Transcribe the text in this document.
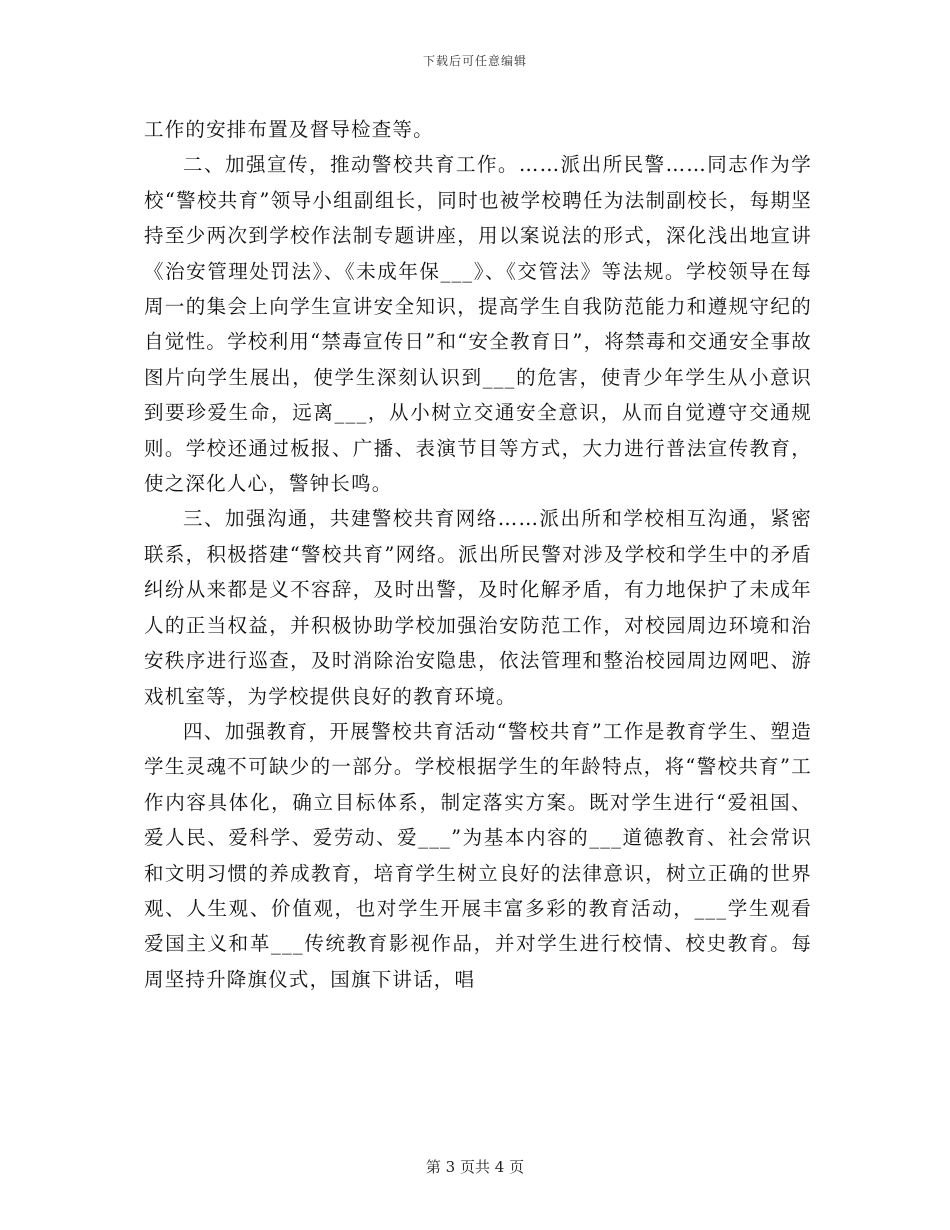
下载后可任意编辑

工作的安排布置及督导检查等。

二、加强宣传，推动警校共育工作。……派出所民警……同志作为学校“警校共育”领导小组副组长，同时也被学校聘任为法制副校长，每期坚持至少两次到学校作法制专题讲座，用以案说法的形式，深化浅出地宣讲《治安管理处罚法》、《未成年保___》、《交管法》等法规。学校领导在每周一的集会上向学生宣讲安全知识，提高学生自我防范能力和遵规守纪的自觉性。学校利用“禁毒宣传日”和“安全教育日”，将禁毒和交通安全事故图片向学生展出，使学生深刻认识到___的危害，使青少年学生从小意识到要珍爱生命，远离___，从小树立交通安全意识，从而自觉遵守交通规则。学校还通过板报、广播、表演节目等方式，大力进行普法宣传教育，使之深化人心，警钟长鸣。

三、加强沟通，共建警校共育网络……派出所和学校相互沟通，紧密联系，积极搭建“警校共育”网络。派出所民警对涉及学校和学生中的矛盾纠纷从来都是义不容辞，及时出警，及时化解矛盾，有力地保护了未成年人的正当权益，并积极协助学校加强治安防范工作，对校园周边环境和治安秩序进行巡查，及时消除治安隐患，依法管理和整治校园周边网吧、游戏机室等，为学校提供良好的教育环境。

四、加强教育，开展警校共育活动“警校共育”工作是教育学生、塑造学生灵魂不可缺少的一部分。学校根据学生的年龄特点，将“警校共育”工作内容具体化，确立目标体系，制定落实方案。既对学生进行“爱祖国、爱人民、爱科学、爱劳动、爱___”为基本内容的___道德教育、社会常识和文明习惯的养成教育，培育学生树立良好的法律意识，树立正确的世界观、人生观、价值观，也对学生开展丰富多彩的教育活动，___学生观看爱国主义和革___传统教育影视作品，并对学生进行校情、校史教育。每周坚持升降旗仪式，国旗下讲话，唱

第 3 页共 4 页
